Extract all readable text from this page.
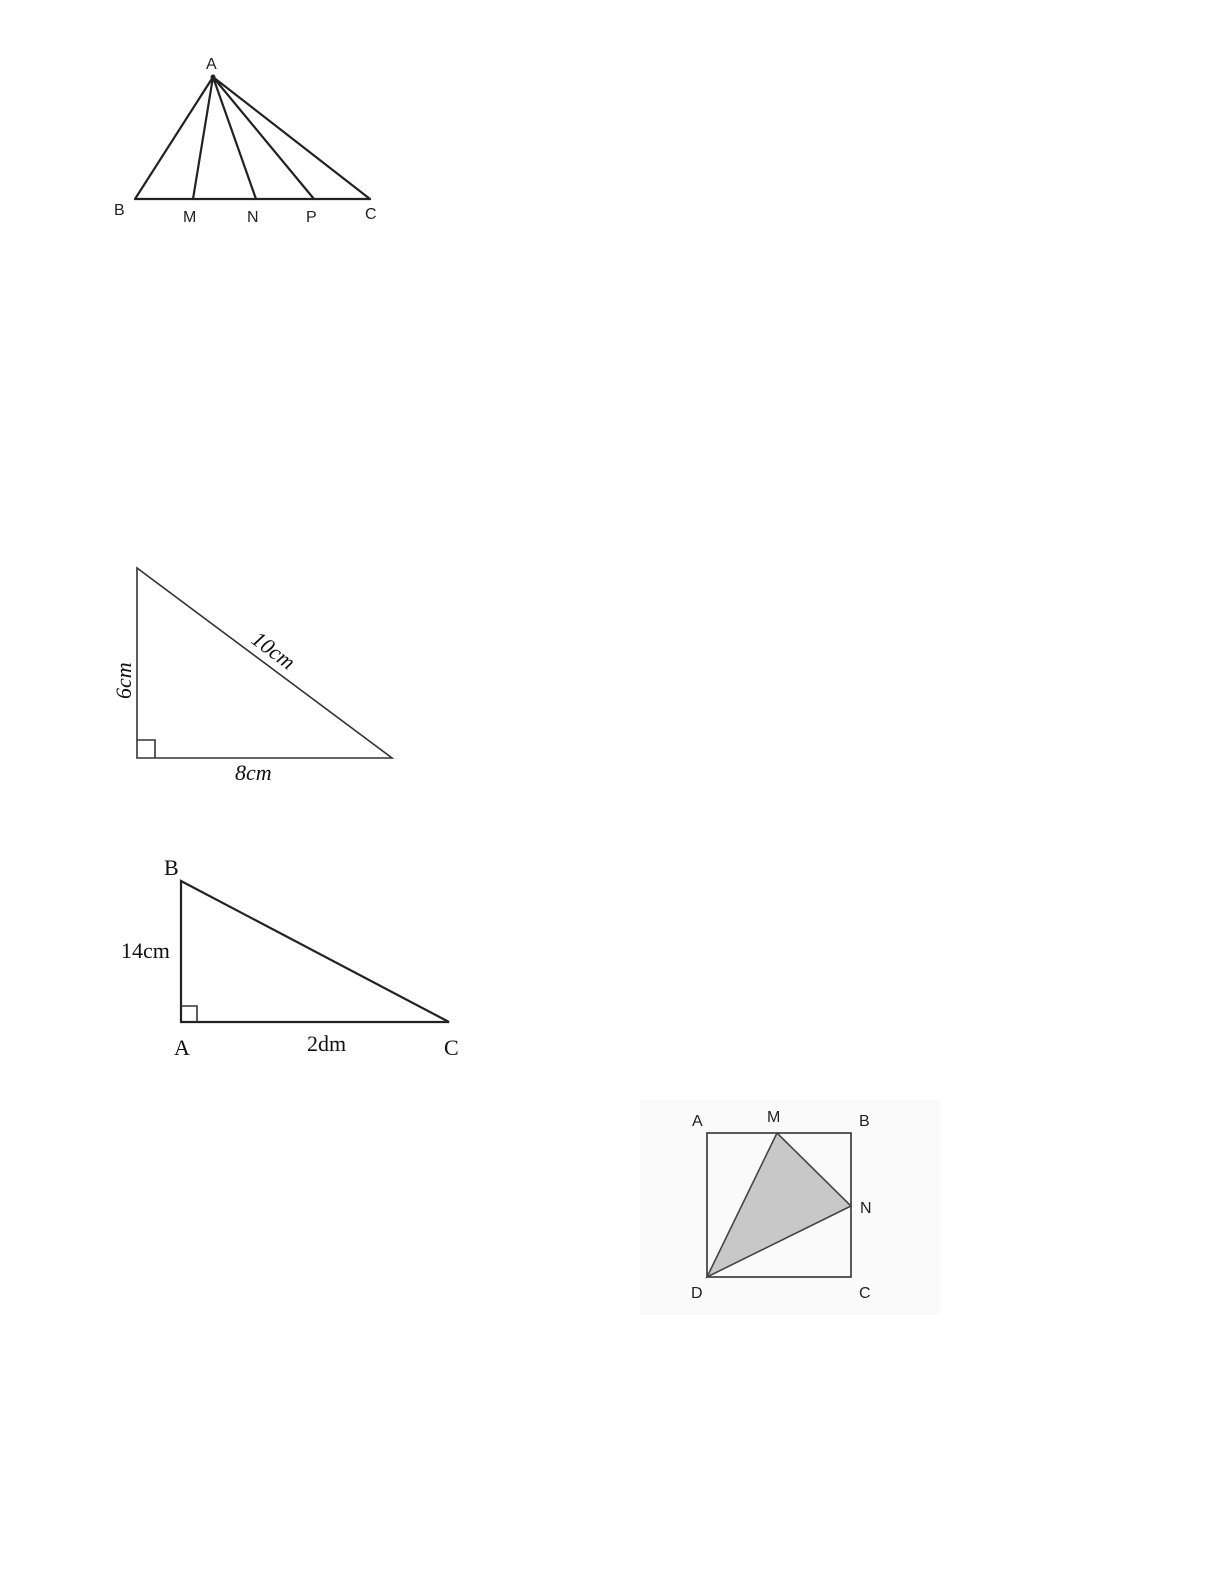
A
B	M	N	P	C
6cm
10cm
8cm
B
14cm
A	2dm	C
A	M	B
N
D	C
